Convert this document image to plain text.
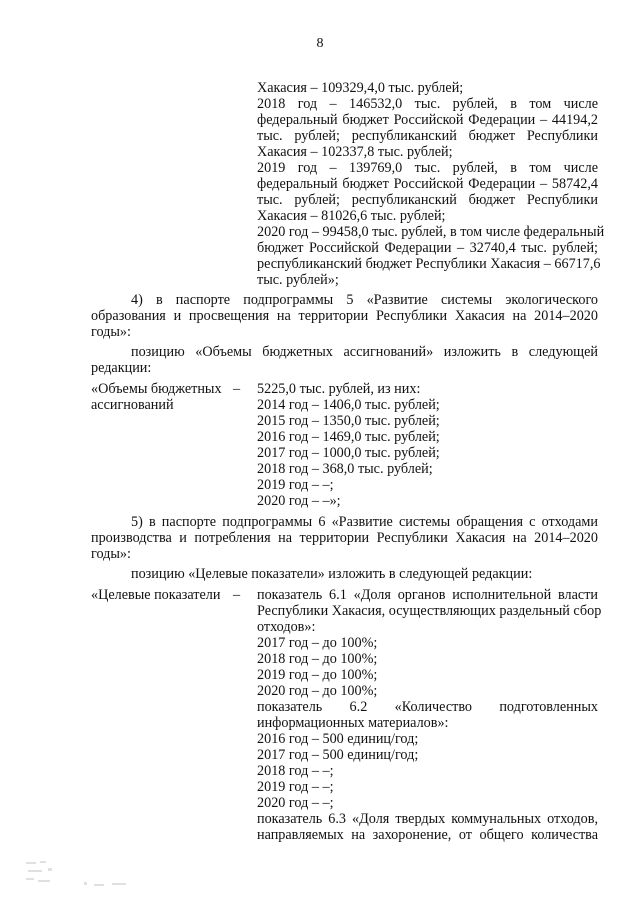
8
Хакасия – 109329,4,0 тыс. рублей;
2018 год – 146532,0 тыс. рублей, в том числе
федеральный бюджет Российской Федерации – 44194,2
тыс. рублей; республиканский бюджет Республики
Хакасия – 102337,8 тыс. рублей;
2019 год – 139769,0 тыс. рублей, в том числе
федеральный бюджет Российской Федерации – 58742,4
тыс. рублей; республиканский бюджет Республики
Хакасия – 81026,6 тыс. рублей;
2020 год – 99458,0 тыс. рублей, в том числе федеральный
бюджет Российской Федерации – 32740,4 тыс. рублей;
республиканский бюджет Республики Хакасия – 66717,6
тыс. рублей»;
4) в паспорте подпрограммы 5 «Развитие системы экологического
образования и просвещения на территории Республики Хакасия на 2014–2020
годы»:
позицию «Объемы бюджетных ассигнований» изложить в следующей
редакции:
«Объемы бюджетных
ассигнований
– 5225,0 тыс. рублей, из них:
2014 год – 1406,0 тыс. рублей;
2015 год – 1350,0 тыс. рублей;
2016 год – 1469,0 тыс. рублей;
2017 год – 1000,0 тыс. рублей;
2018 год – 368,0 тыс. рублей;
2019 год – –;
2020 год – –»;
5) в паспорте подпрограммы 6 «Развитие системы обращения с отходами
производства и потребления на территории Республики Хакасия на 2014–2020
годы»:
позицию «Целевые показатели» изложить в следующей редакции:
«Целевые показатели – показатель 6.1 «Доля органов исполнительной власти
Республики Хакасия, осуществляющих раздельный сбор
отходов»:
2017 год – до 100%;
2018 год – до 100%;
2019 год – до 100%;
2020 год – до 100%;
показатель 6.2 «Количество подготовленных
информационных материалов»:
2016 год – 500 единиц/год;
2017 год – 500 единиц/год;
2018 год – –;
2019 год – –;
2020 год – –;
показатель 6.3 «Доля твердых коммунальных отходов,
направляемых на захоронение, от общего количества
